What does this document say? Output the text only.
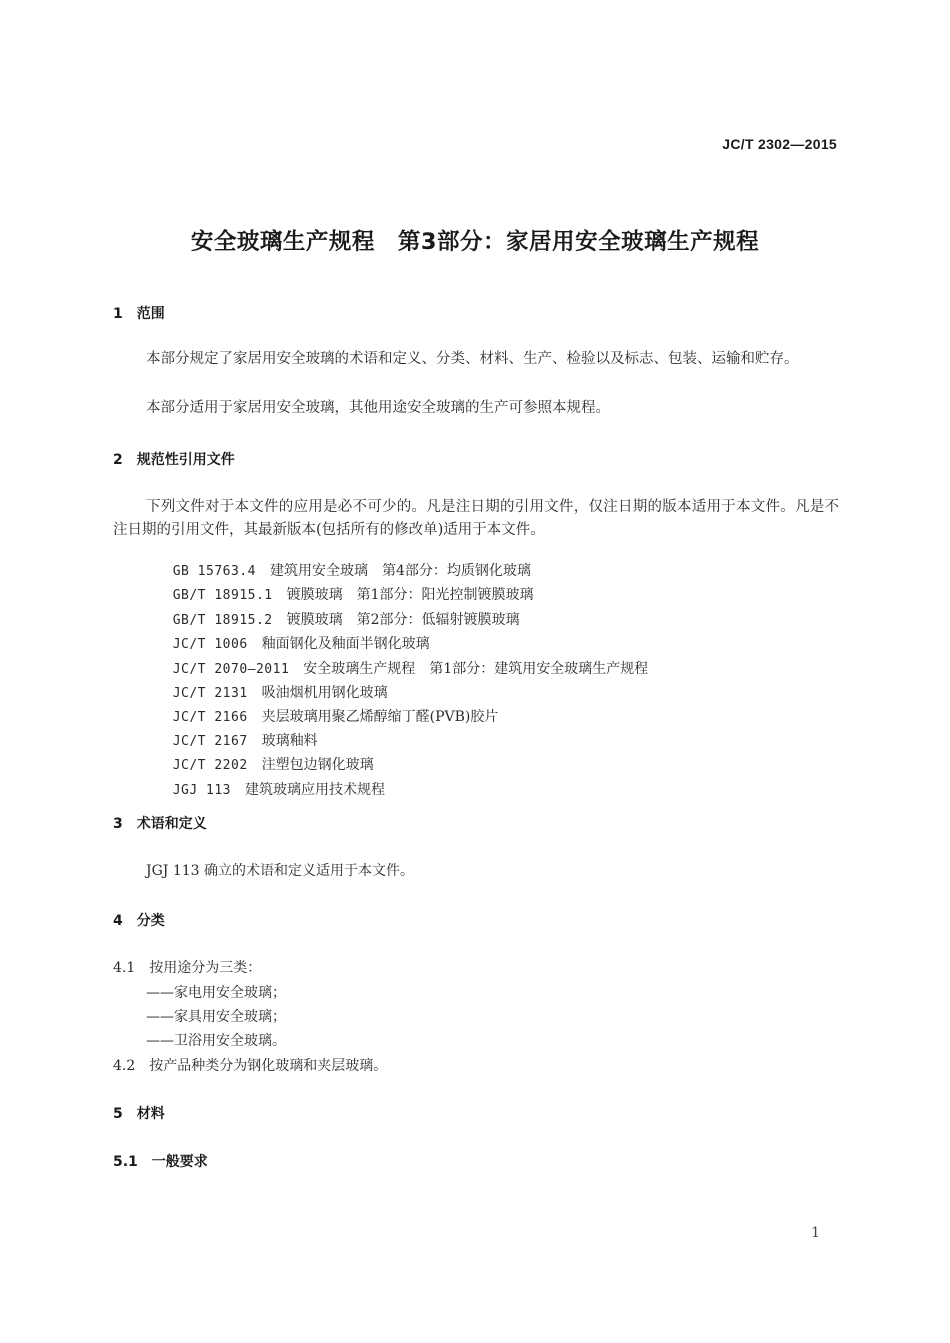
JC/T 2302—2015
安全玻璃生产规程　第3部分：家居用安全玻璃生产规程
1　范围
本部分规定了家居用安全玻璃的术语和定义、分类、材料、生产、检验以及标志、包装、运输和贮存。
本部分适用于家居用安全玻璃，其他用途安全玻璃的生产可参照本规程。
2　规范性引用文件
下列文件对于本文件的应用是必不可少的。凡是注日期的引用文件，仅注日期的版本适用于本文件。凡是不注日期的引用文件，其最新版本(包括所有的修改单)适用于本文件。

GB 15763.4 建筑用安全玻璃　第4部分：均质钢化玻璃

GB/T 18915.1 镀膜玻璃　第1部分：阳光控制镀膜玻璃

GB/T 18915.2 镀膜玻璃　第2部分：低辐射镀膜玻璃

JC/T 1006 釉面钢化及釉面半钢化玻璃

JC/T 2070—2011 安全玻璃生产规程　第1部分：建筑用安全玻璃生产规程

JC/T 2131 吸油烟机用钢化玻璃

JC/T 2166 夹层玻璃用聚乙烯醇缩丁醛(PVB)胶片

JC/T 2167 玻璃釉料

JC/T 2202 注塑包边钢化玻璃

JGJ 113 建筑玻璃应用技术规程

3　术语和定义
JGJ 113 确立的术语和定义适用于本文件。
4　分类
4.1　按用途分为三类：
——家电用安全玻璃；
——家具用安全玻璃；
——卫浴用安全玻璃。
4.2　按产品种类分为钢化玻璃和夹层玻璃。
5　材料
5.1　一般要求
1
